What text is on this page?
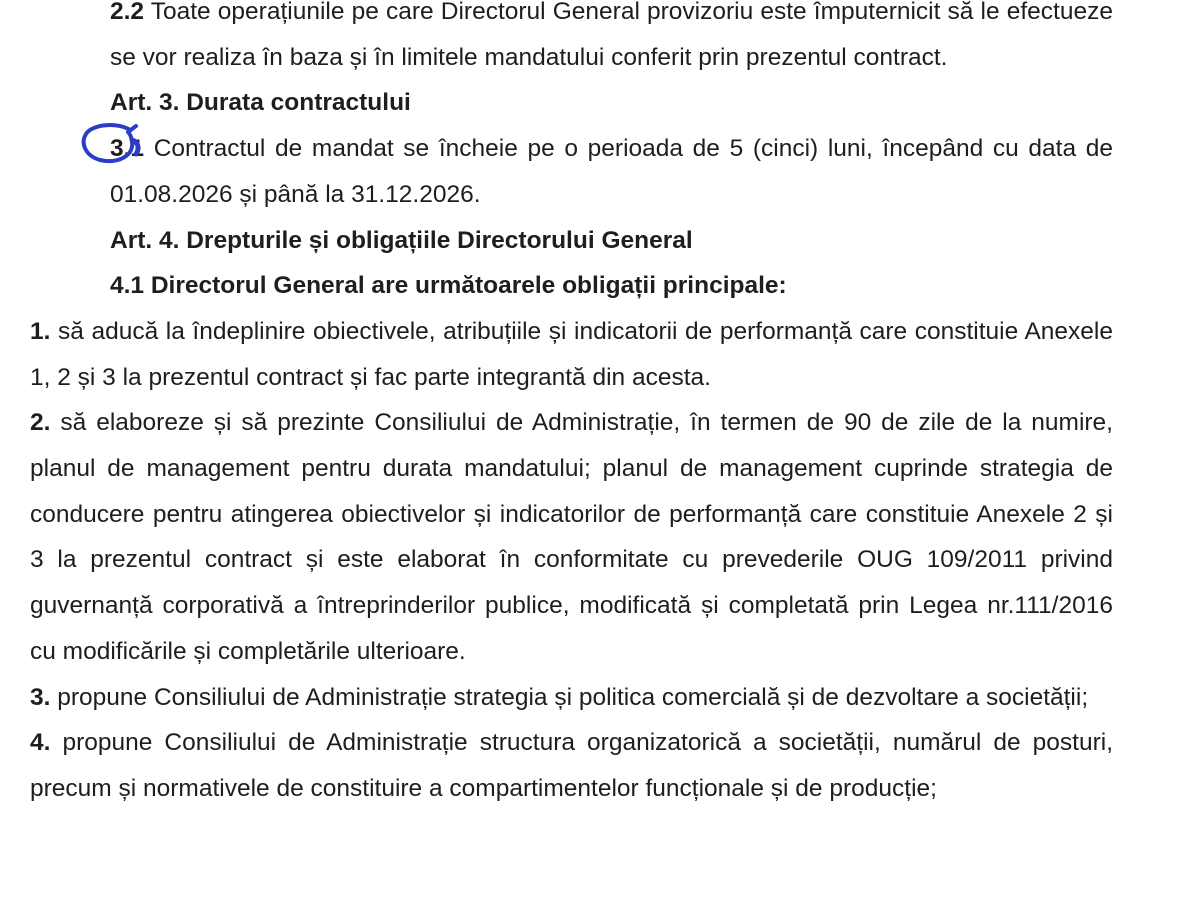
2.2 Toate operațiunile pe care Directorul General provizoriu este împuternicit să le efectueze se vor realiza în baza și în limitele mandatului conferit prin prezentul contract.

Art. 3. Durata contractului

3.1 Contractul de mandat se încheie pe o perioada de 5 (cinci) luni, începând cu data de 01.08.2026 și până la 31.12.2026.

Art. 4. Drepturile și obligațiile Directorului General

4.1 Directorul General are următoarele obligații principale:

1. să aducă la îndeplinire obiectivele, atribuțiile și indicatorii de performanță care constituie Anexele 1, 2 și 3 la prezentul contract și fac parte integrantă din acesta.

2. să elaboreze și să prezinte Consiliului de Administrație, în termen de 90 de zile de la numire, planul de management pentru durata mandatului; planul de management cuprinde strategia de conducere pentru atingerea obiectivelor și indicatorilor de performanță care constituie Anexele 2 și 3 la prezentul contract și este elaborat în conformitate cu prevederile OUG 109/2011 privind guvernanță corporativă a întreprinderilor publice, modificată și completată prin Legea nr.111/2016 cu modificările și completările ulterioare.

3. propune Consiliului de Administrație strategia și politica comercială și de dezvoltare a societății;

4. propune Consiliului de Administrație structura organizatorică a societății, numărul de posturi, precum și normativele de constituire a compartimentelor funcționale și de producție;
